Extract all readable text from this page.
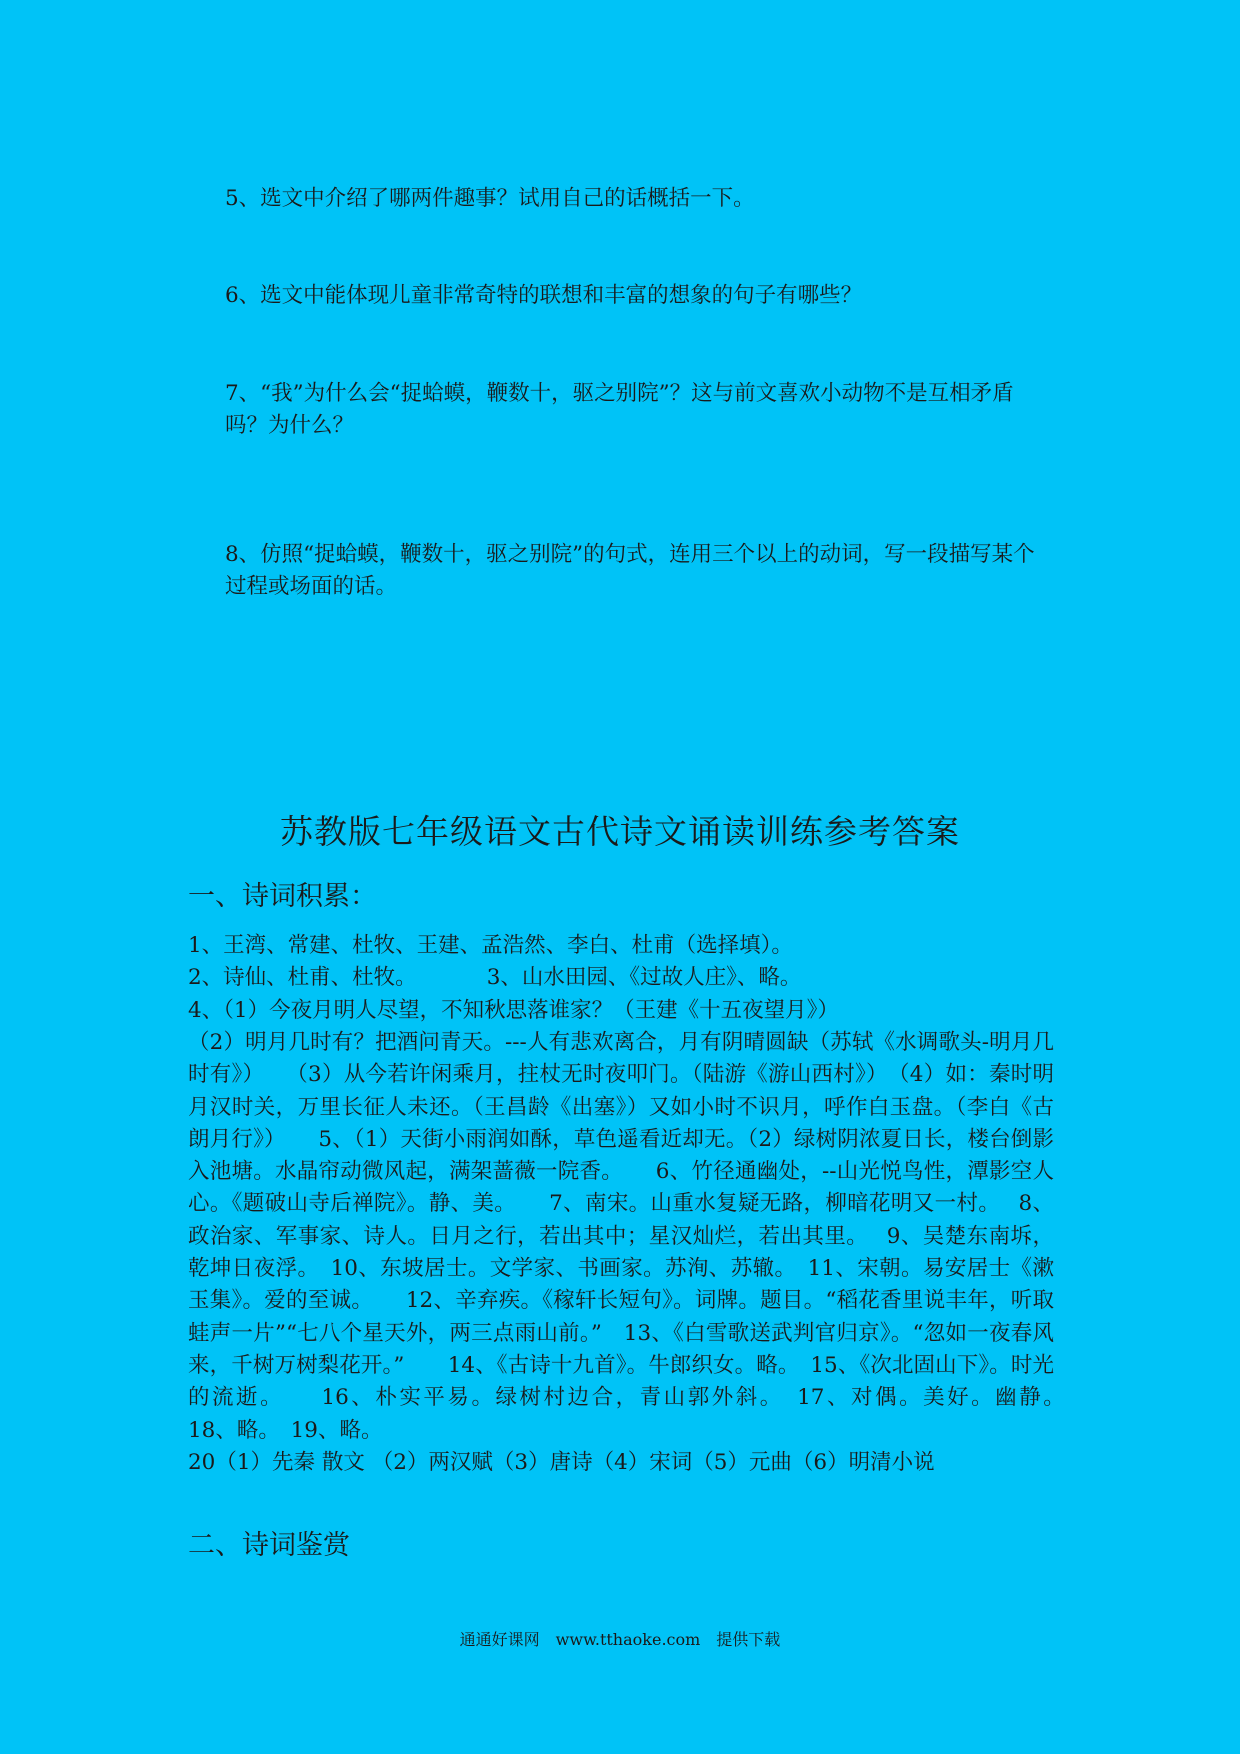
5、选文中介绍了哪两件趣事？试用自己的话概括一下。

6、选文中能体现儿童非常奇特的联想和丰富的想象的句子有哪些？

7、“我”为什么会“捉蛤蟆，鞭数十，驱之别院”？这与前文喜欢小动物不是互相矛盾吗？为什么？

8、仿照“捉蛤蟆，鞭数十，驱之别院”的句式，连用三个以上的动词，写一段描写某个过程或场面的话。

苏教版七年级语文古代诗文诵读训练参考答案
一、诗词积累：

1、王湾、常建、杜牧、王建、孟浩然、李白、杜甫（选择填）。

2、诗仙、杜甫、杜牧。	3、山水田园、《过故人庄》、略。

4、（1）今夜月明人尽望，不知秋思落谁家？（王建《十五夜望月》）

（2）明月几时有？把酒问青天。---人有悲欢离合，月有阴晴圆缺（苏轼《水调歌头-明月几时有》）　　（3）从今若许闲乘月，拄杖无时夜叩门。（陆游《游山西村》）　（4）如：秦时明月汉时关，万里长征人未还。（王昌龄《出塞》）又如小时不识月，呼作白玉盘。（李白《古朗月行》）　　5、（1）天街小雨润如酥，草色遥看近却无。（2）绿树阴浓夏日长，楼台倒影入池塘。水晶帘动微风起，满架蔷薇一院香。　　6、竹径通幽处，--山光悦鸟性，潭影空人心。《题破山寺后禅院》。静、美。　　7、南宋。山重水复疑无路，柳暗花明又一村。　 8、政治家、军事家、诗人。日月之行，若出其中；星汉灿烂，若出其里。　 9、吴楚东南坼，乾坤日夜浮。　10、东坡居士。文学家、书画家。苏洵、苏辙。　11、宋朝。易安居士《漱玉集》。爱的至诚。　　12、辛弃疾。《稼轩长短句》。词牌。题目。“稻花香里说丰年，听取蛙声一片”“七八个星天外，两三点雨山前。”　13、《白雪歌送武判官归京》。“忽如一夜春风来，千树万树梨花开。”　　14、《古诗十九首》。牛郎织女。略。　15、《次北固山下》。时光的流逝。　　16、朴实平易。绿树村边合，青山郭外斜。　17、对偶。美好。幽静。　　18、略。　19、略。
20（1）先秦 散文 （2）两汉赋（3）唐诗（4）宋词（5）元曲（6）明清小说

二、诗词鉴赏

通通好课网　www.tthaoke.com　提供下载
